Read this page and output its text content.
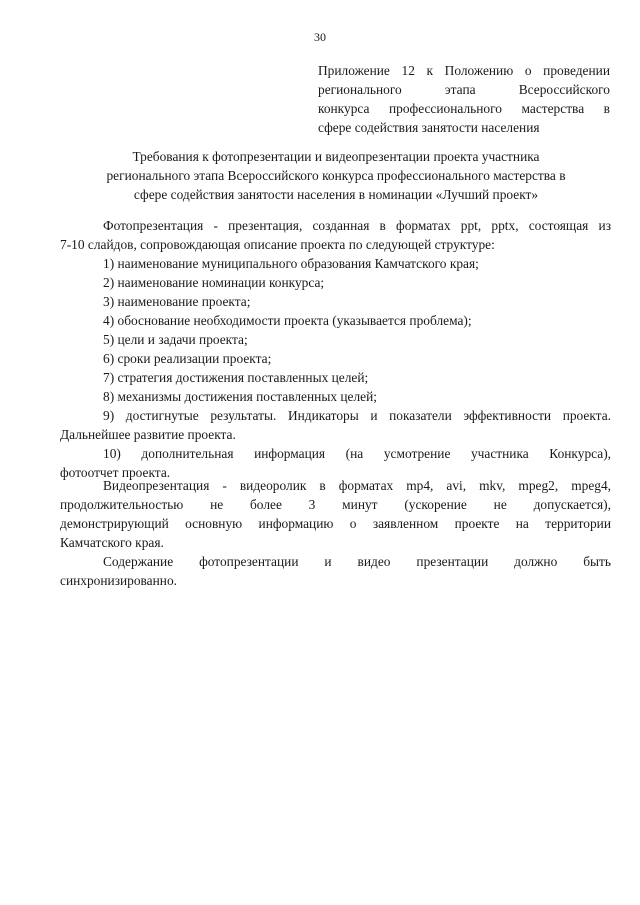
30
Приложение 12 к Положению о проведении
регионального этапа Всероссийского
конкурса профессионального мастерства в
сфере содействия занятости населения
Требования к фотопрезентации и видеопрезентации проекта участника
регионального этапа Всероссийского конкурса профессионального мастерства в
сфере содействия занятости населения в номинации «Лучший проект»
Фотопрезентация - презентация, созданная в форматах ppt, pptx, состоящая из
7-10 слайдов, сопровождающая описание проекта по следующей структуре:
1) наименование муниципального образования Камчатского края;
2) наименование номинации конкурса;
3) наименование проекта;
4) обоснование необходимости проекта (указывается проблема);
5) цели и задачи проекта;
6) сроки реализации проекта;
7) стратегия достижения поставленных целей;
8) механизмы достижения поставленных целей;
9) достигнутые результаты. Индикаторы и показатели эффективности проекта.
Дальнейшее развитие проекта.
10) дополнительная информация (на усмотрение участника Конкурса),
фотоотчет проекта.
Видеопрезентация - видеоролик в форматах mp4, avi, mkv, mpeg2, mpeg4,
продолжительностью не более 3 минут (ускорение не допускается),
демонстрирующий основную информацию о заявленном проекте на территории
Камчатского края.
Содержание фотопрезентации и видео презентации должно быть
синхронизированно.
